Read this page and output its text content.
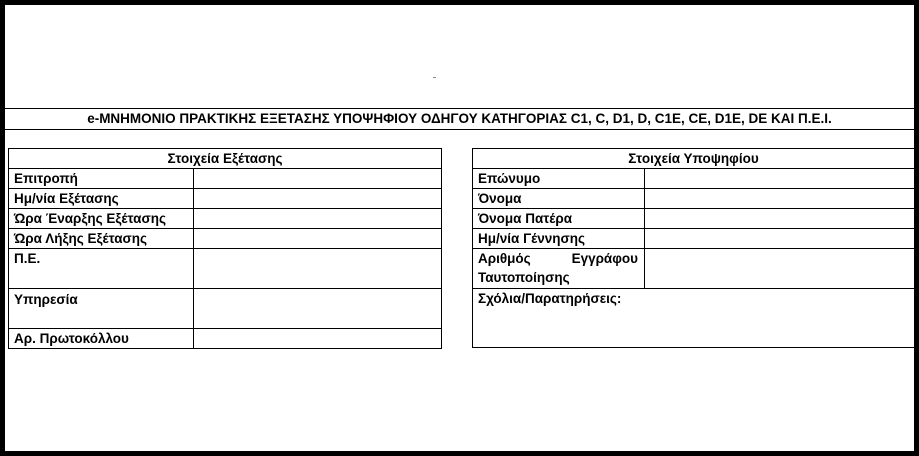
e-ΜΝΗΜΟΝΙΟ ΠΡΑΚΤΙΚΗΣ ΕΞΕΤΑΣΗΣ ΥΠΟΨΗΦΙΟΥ ΟΔΗΓΟΥ ΚΑΤΗΓΟΡΙΑΣ C1, C, D1, D, C1E, CE, D1E, DE ΚΑΙ Π.Ε.Ι.
Στοιχεία Εξέτασης	
Επιτροπή	
Ημ/νία Εξέτασης	
Ώρα Έναρξης Εξέτασης	
Ώρα Λήξης Εξέτασης	
Π.Ε.	

Υπηρεσία	

Αρ. Πρωτοκόλλου	
Στοιχεία Υποψηφίου	
Επώνυμο	
Όνομα	
Όνομα Πατέρα	
Ημ/νία Γέννησης	

Αριθμός Εγγράφου
Ταυτοποίησης	

Σχόλια/Παρατηρήσεις:	
